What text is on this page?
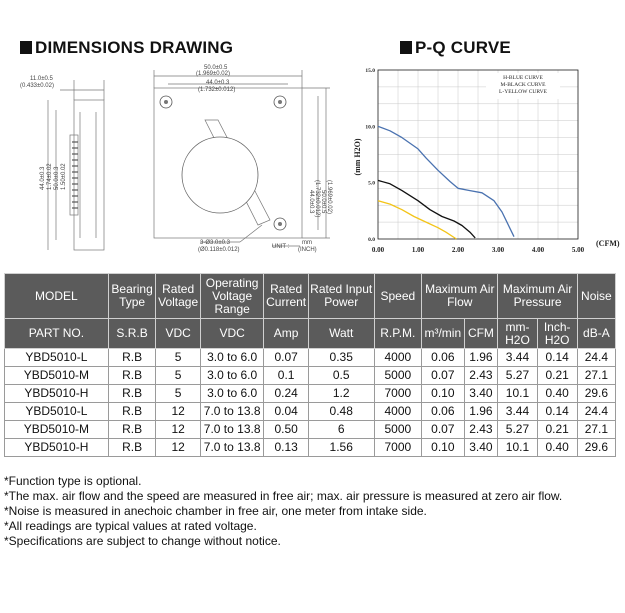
DIMENSIONS DRAWING	P-Q CURVE
11.0±0.5
(0.433±0.02)
50.0±0.5
(1.969±0.02)
44.0±0.3
(1.732±0.012)
3-Ø3.0±0.3
(Ø0.118±0.012)	UNIT :
mm
(INCH)
44.0±0.3 1.74±0.02 50.0±0.3 1.50±0.02
44.0±0.3 (1.732±0.012) 50.0±0.5 (1.969±0.02)
(mm H2O)
(CFM)
0.00	1.00	2.00	3.00	4.00	5.00
0.0
5.0
10.0
15.0
H-BLUE CURVE
M-BLACK CURVE
L-YELLOW CURVE
MODEL	Bearing Type	Rated Voltage	Operating Voltage Range	Rated Current	Rated Input Power	Speed	Maximum Air Flow		Maximum Air Pressure		Noise
PART NO.	S.R.B	VDC	VDC	Amp	Watt	R.P.M.	m³/min	CFM	mm-H2O	Inch-H2O	dB-A
YBD5010-L	R.B	5	3.0 to 6.0	0.07	0.35	4000	0.06	1.96	3.44	0.14	24.4
YBD5010-M	R.B	5	3.0 to 6.0	0.1	0.5	5000	0.07	2.43	5.27	0.21	27.1
YBD5010-H	R.B	5	3.0 to 6.0	0.24	1.2	7000	0.10	3.40	10.1	0.40	29.6
YBD5010-L	R.B	12	7.0 to 13.8	0.04	0.48	4000	0.06	1.96	3.44	0.14	24.4
YBD5010-M	R.B	12	7.0 to 13.8	0.50	6	5000	0.07	2.43	5.27	0.21	27.1
YBD5010-H	R.B	12	7.0 to 13.8	0.13	1.56	7000	0.10	3.40	10.1	0.40	29.6
*Function type is optional.
*The max. air flow and the speed are measured in free air; max. air pressure is measured at zero air flow.
*Noise is measured in anechoic chamber in free air, one meter from intake side.
*All readings are typical values at rated voltage.
*Specifications are subject to change without notice.
